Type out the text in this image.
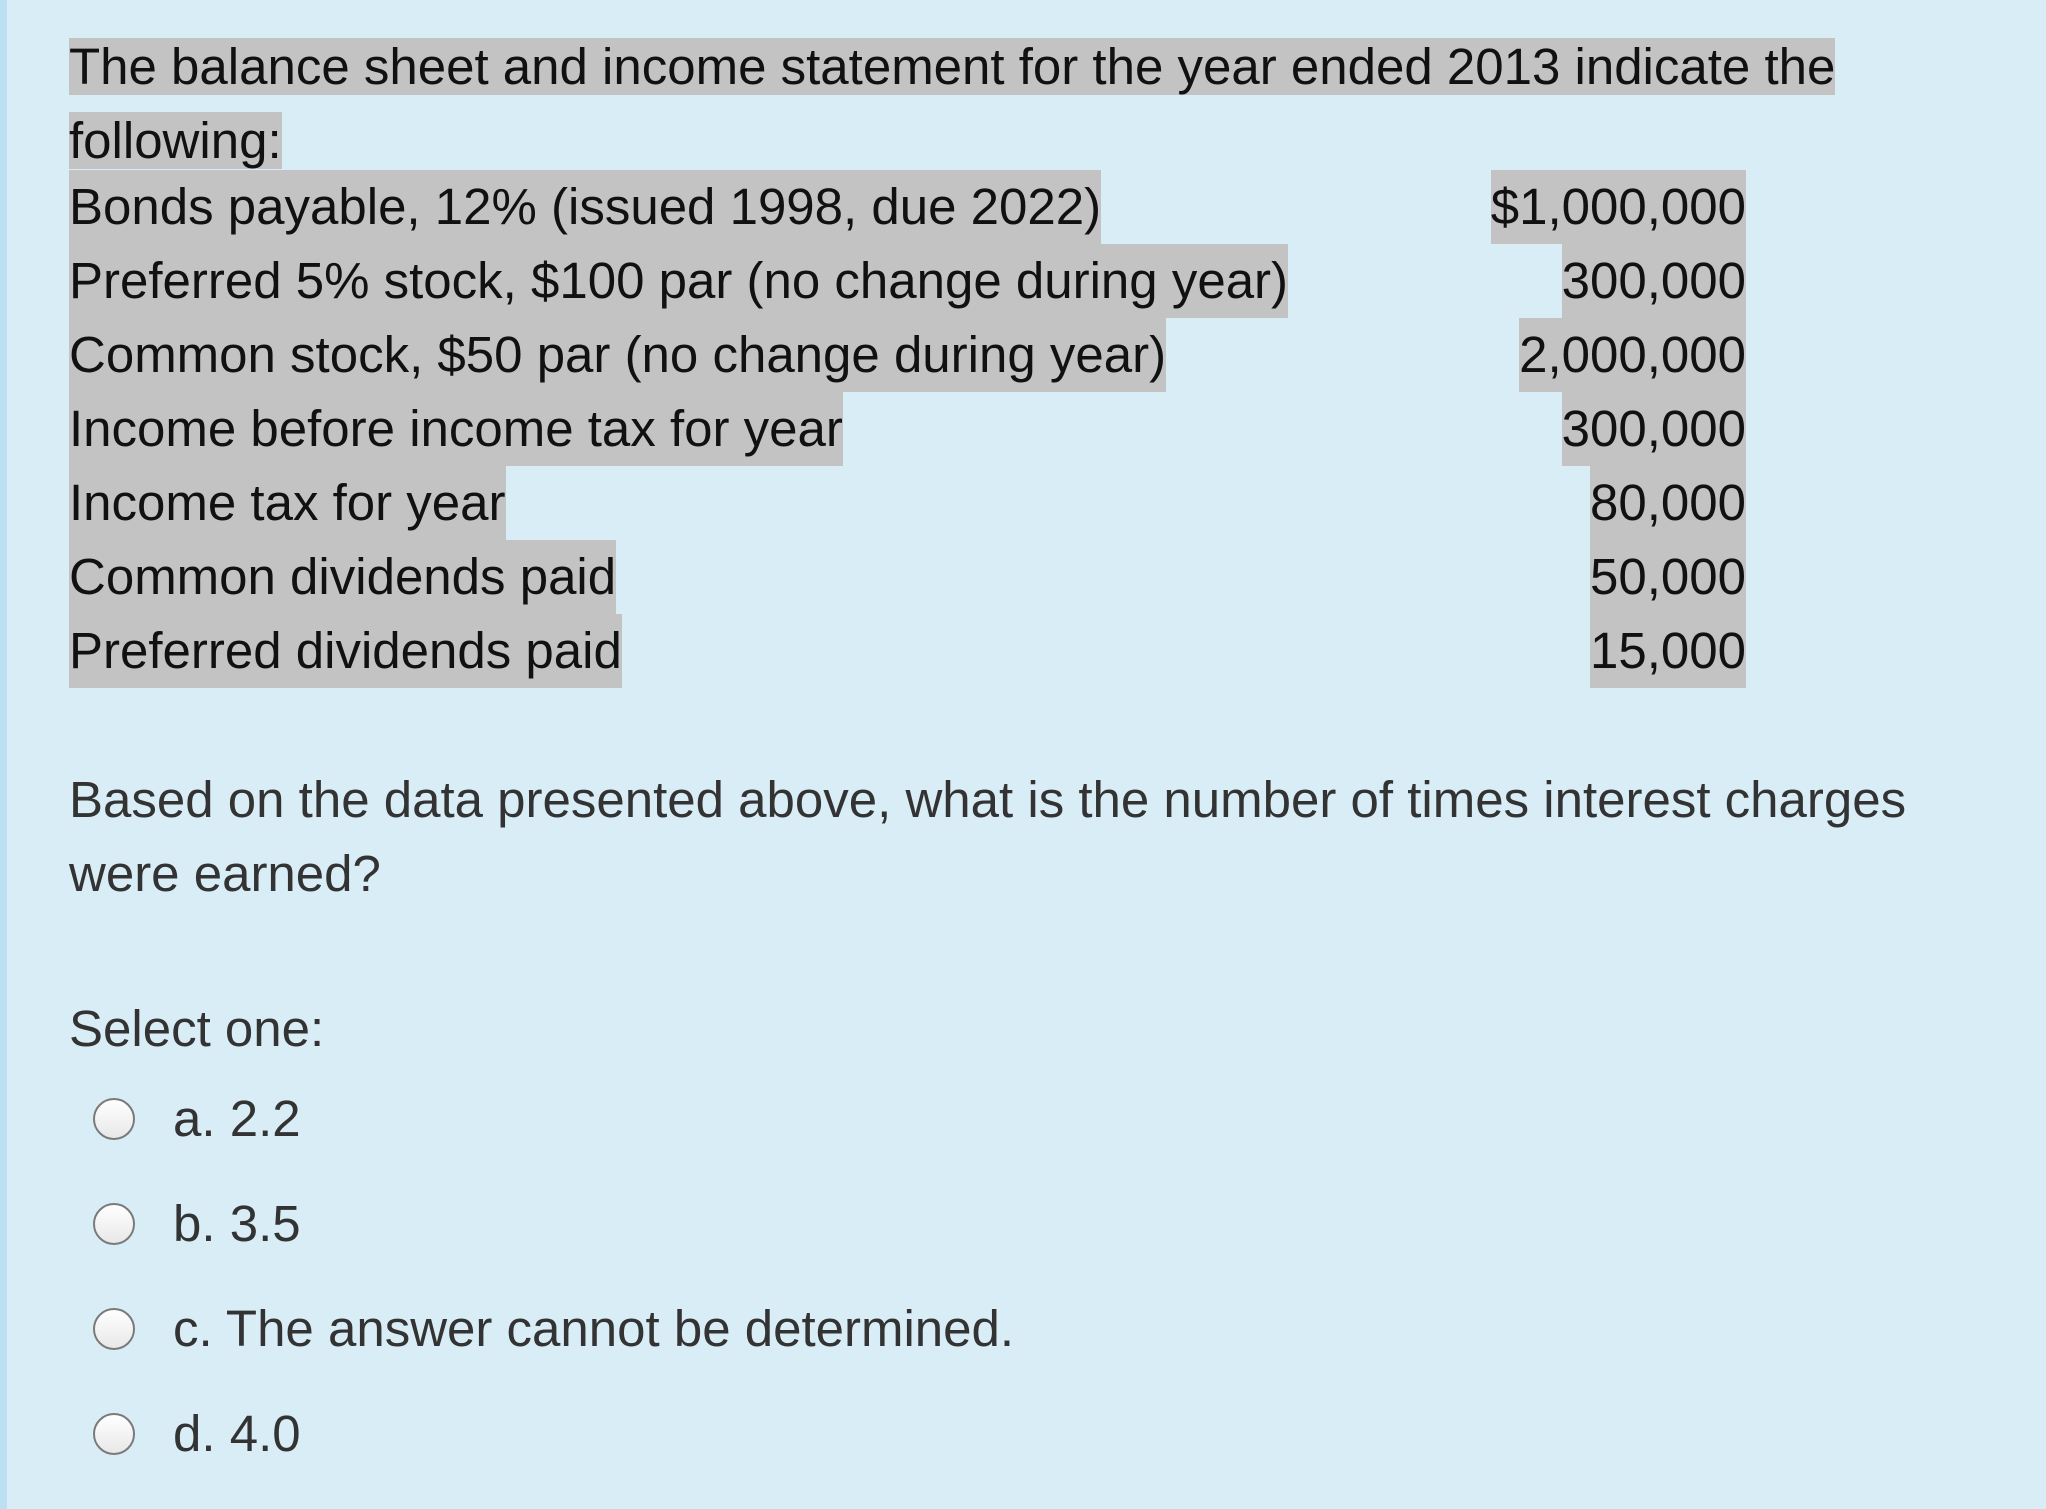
The balance sheet and income statement for the year ended 2013 indicate the following:
Bonds payable, 12% (issued 1998, due 2022)	$1,000,000
Preferred 5% stock, $100 par (no change during year)	300,000
Common stock, $50 par (no change during year)	2,000,000
Income before income tax for year	300,000
Income tax for year	80,000
Common dividends paid	50,000
Preferred dividends paid	15,000
Based on the data presented above, what is the number of times interest charges were earned?
Select one:
a. 2.2
b. 3.5
c. The answer cannot be determined.
d. 4.0
